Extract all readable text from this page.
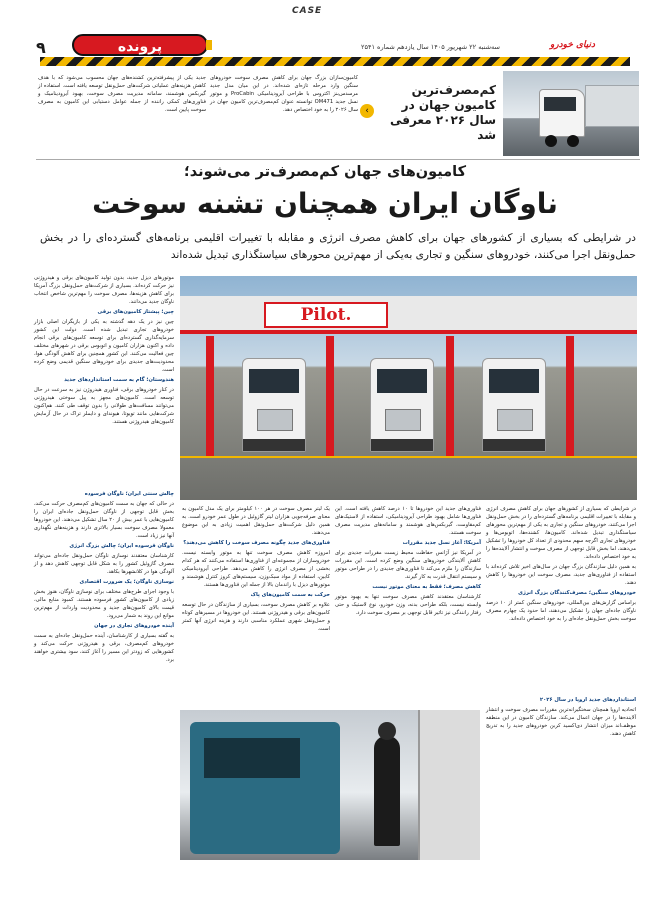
CASE
۹	پرونده	سه‌شنبه ۲۲ شهریور ۱۴۰۵ سال یازدهم شماره ۲۵۴۱	دنیای خودرو
کم‌مصرف‌ترین کامیون جهان در سال ۲۰۲۶ معرفی شد
›
کامیون‌سازان بزرگ جهان برای کاهش مصرف سوخت خودروهای سنگین وارد مرحله تازه‌ای شده‌اند. در این میان مدل جدید مرسدس‌بنز اکتروس با طراحی آیرودینامیکی ProCabin و موتور نسل جدید OM471 توانسته عنوان کم‌مصرف‌ترین کامیون جهان در سال ۲۰۲۶ را به خود اختصاص دهد.
جدید یکی از پیشرفته‌ترین کشنده‌های جهان محسوب می‌شود که با هدف کاهش هزینه‌های عملیاتی شرکت‌های حمل‌ونقل توسعه یافته است. استفاده از گیربکس هوشمند، سامانه مدیریت مصرف سوخت، بهبود آیرودینامیک و فناوری‌های کمکی راننده از جمله عوامل دستیابی این کامیون به مصرف سوخت پایین است.
کامیون‌های جهان کم‌مصرف‌تر می‌شوند؛
ناوگان ایران همچنان تشنه سوخت
در شرایطی که بسیاری از کشورهای جهان برای کاهش مصرف انرژی و مقابله با تغییرات اقلیمی برنامه‌های گسترده‌ای را در بخش حمل‌ونقل اجرا می‌کنند، خودروهای سنگین و تجاری به‌یکی از مهم‌ترین محورهای سیاستگذاری تبدیل شده‌اند
Pilot.

موتورهای دیزل جدید، بدون تولید کامیون‌های برقی و هیدروژنی نیز حرکت کرده‌اند. بسیاری از شرکت‌های حمل‌ونقل بزرگ آمریکا برای کاهش هزینه‌ها، مصرف سوخت را مهم‌ترین شاخص انتخاب ناوگان جدید می‌دانند.

چین؛ پیشتاز کامیون‌های برقی

چین نیز در یک دهه گذشته به یکی از بازیگران اصلی بازار خودروهای تجاری تبدیل شده است. دولت این کشور سرمایه‌گذاری گسترده‌ای برای توسعه کامیون‌های برقی انجام داده و اکنون هزاران کامیون و اتوبوس برقی در شهرهای مختلف چین فعالیت می‌کنند. این کشور همچنین برای کاهش آلودگی هوا، محدودیت‌های جدیدی برای خودروهای سنگین قدیمی وضع کرده است.

هندوستان؛ گام به سمت استانداردهای جدید

در کنار خودروهای برقی، فناوری هیدروژن نیز به سرعت در حال توسعه است. کامیون‌های مجهز به پیل سوختی هیدروژنی می‌توانند مسافت‌های طولانی را بدون توقف طی کنند. هم‌اکنون شرکت‌هایی مانند تویوتا، هیوندای و دایملر تراک در حال آزمایش کامیون‌های هیدروژنی هستند.

چالش سنتی ایران؛ ناوگان فرسوده

در حالی که جهان به سمت کامیون‌های کم‌مصرف حرکت می‌کند، بخش قابل توجهی از ناوگان حمل‌ونقل جاده‌ای ایران را کامیون‌هایی با عمر بیش از ۲۰ سال تشکیل می‌دهند. این خودروها معمولا مصرف سوخت بسیار بالاتری دارند و هزینه‌های نگهداری آنها نیز زیاد است.

ناوگان فرسوده ایران؛ چالش بزرگ انرژی

کارشناسان معتقدند نوسازی ناوگان حمل‌ونقل جاده‌ای می‌تواند مصرف گازوئیل کشور را به شکل قابل توجهی کاهش دهد و از آلودگی هوا در کلانشهرها بکاهد.

نوسازی ناوگان؛ یک ضرورت اقتصادی

با وجود اجرای طرح‌های مختلف برای نوسازی ناوگان، هنوز بخش زیادی از کامیون‌های کشور فرسوده هستند. کمبود منابع مالی، قیمت بالای کامیون‌های جدید و محدودیت واردات از مهم‌ترین موانع این روند به شمار می‌رود.

آینده خودروهای تجاری در جهان

به گفته بسیاری از کارشناسان، آینده حمل‌ونقل جاده‌ای به سمت خودروهای کم‌مصرف، برقی و هیدروژنی حرکت می‌کند و کشورهایی که زودتر این مسیر را آغاز کنند، سود بیشتری خواهند برد.

در شرایطی که بسیاری از کشورهای جهان برای کاهش مصرف انرژی و مقابله با تغییرات اقلیمی برنامه‌های گسترده‌ای را در بخش حمل‌ونقل اجرا می‌کنند، خودروهای سنگین و تجاری به یکی از مهم‌ترین محورهای سیاستگذاری تبدیل شده‌اند. کامیون‌ها، کشنده‌ها، اتوبوس‌ها و خودروهای تجاری اگرچه سهم محدودی از تعداد کل خودروها را تشکیل می‌دهند، اما بخش قابل توجهی از مصرف سوخت و انتشار آلاینده‌ها را به خود اختصاص داده‌اند.

به همین دلیل سازندگان بزرگ جهان در سال‌های اخیر تلاش کرده‌اند با استفاده از فناوری‌های جدید، مصرف سوخت این خودروها را کاهش دهند.

خودروهای سنگین؛ مصرف‌کنندگان بزرگ انرژی

براساس گزارش‌های بین‌المللی، خودروهای سنگین کمتر از ۱۰ درصد ناوگان جاده‌ای جهان را تشکیل می‌دهند، اما حدود یک چهارم مصرف سوخت بخش حمل‌ونقل جاده‌ای را به خود اختصاص داده‌اند.

استانداردهای جدید اروپا در سال ۲۰۲۶

اتحادیه اروپا همچنان سختگیرانه‌ترین مقررات مصرف سوخت و انتشار آلاینده‌ها را در جهان اعمال می‌کند. سازندگان کامیون در این منطقه موظف‌اند میزان انتشار دی‌اکسید کربن خودروهای جدید را به تدریج کاهش دهند.

فناوری‌های جدید این خودروها تا ۱۰ درصد کاهش یافته است. این فناوری‌ها شامل بهبود طراحی آیرودینامیکی، استفاده از لاستیک‌های کم‌مقاومت، گیربکس‌های هوشمند و سامانه‌های مدیریت مصرف سوخت هستند.

آمریکا؛ آغاز نسل جدید مقررات

در آمریکا نیز آژانس حفاظت محیط زیست مقررات جدیدی برای کاهش آلایندگی خودروهای سنگین وضع کرده است. این مقررات سازندگان را ملزم می‌کند تا فناوری‌های جدیدی را در طراحی موتور و سیستم انتقال قدرت به کار گیرند.

کاهش مصرف؛ فقط به معنای موتور نیست

کارشناسان معتقدند کاهش مصرف سوخت تنها به بهبود موتور وابسته نیست، بلکه طراحی بدنه، وزن خودرو، نوع لاستیک و حتی رفتار رانندگی نیز تاثیر قابل توجهی بر مصرف سوخت دارد.

یک لیتر مصرف سوخت در هر ۱۰۰ کیلومتر برای یک مدل کامیون به معنای صرفه‌جویی هزاران لیتر گازوئیل در طول عمر خودرو است. به همین دلیل شرکت‌های حمل‌ونقل اهمیت زیادی به این موضوع می‌دهند.

فناوری‌های جدید چگونه مصرف سوخت را کاهش می‌دهند؟

امروزه کاهش مصرف سوخت تنها به موتور وابسته نیست. خودروسازان از مجموعه‌ای از فناوری‌ها استفاده می‌کنند که هر کدام بخشی از مصرف انرژی را کاهش می‌دهد. طراحی آیرودینامیکی کابین، استفاده از مواد سبک‌وزن، سیستم‌های کروز کنترل هوشمند و موتورهای دیزل با راندمان بالا از جمله این فناوری‌ها هستند.

حرکت به سمت کامیون‌های پاک

علاوه بر کاهش مصرف سوخت، بسیاری از سازندگان در حال توسعه کامیون‌های برقی و هیدروژنی هستند. این خودروها در مسیرهای کوتاه و حمل‌ونقل شهری عملکرد مناسبی دارند و هزینه انرژی آنها کمتر است.
